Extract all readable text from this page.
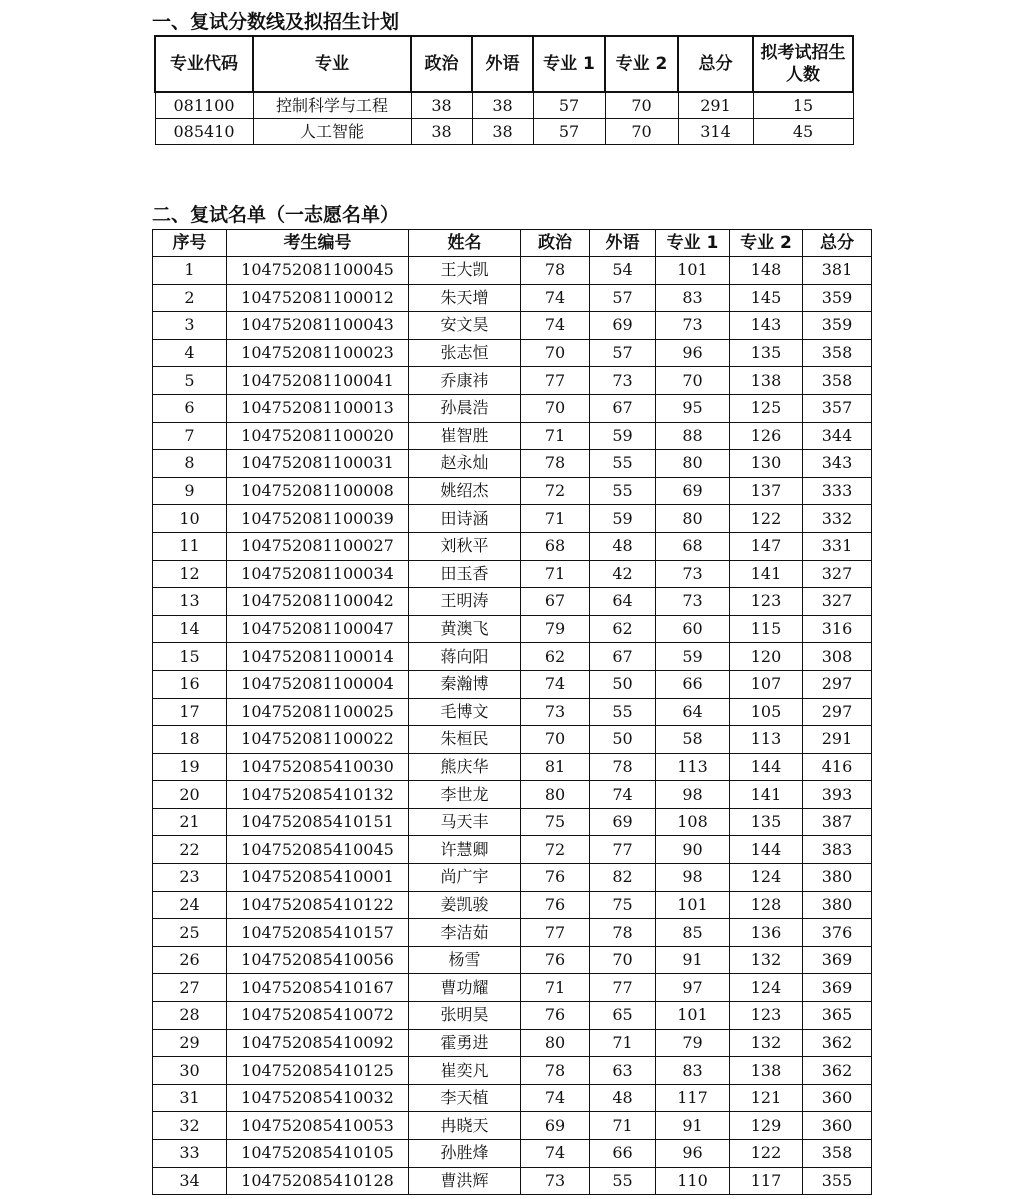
一、复试分数线及拟招生计划
专业代码	专业	政治	外语	专业 1	专业 2	总分	拟考试招生人数
081100	控制科学与工程	38	38	57	70	291	15
085410	人工智能	38	38	57	70	314	45
二、复试名单（一志愿名单）
序号	考生编号	姓名	政治	外语	专业 1	专业 2	总分
1	104752081100045	王大凯	78	54	101	148	381
2	104752081100012	朱天增	74	57	83	145	359
3	104752081100043	安文昊	74	69	73	143	359
4	104752081100023	张志恒	70	57	96	135	358
5	104752081100041	乔康祎	77	73	70	138	358
6	104752081100013	孙晨浩	70	67	95	125	357
7	104752081100020	崔智胜	71	59	88	126	344
8	104752081100031	赵永灿	78	55	80	130	343
9	104752081100008	姚绍杰	72	55	69	137	333
10	104752081100039	田诗涵	71	59	80	122	332
11	104752081100027	刘秋平	68	48	68	147	331
12	104752081100034	田玉香	71	42	73	141	327
13	104752081100042	王明涛	67	64	73	123	327
14	104752081100047	黄澳飞	79	62	60	115	316
15	104752081100014	蒋向阳	62	67	59	120	308
16	104752081100004	秦瀚博	74	50	66	107	297
17	104752081100025	毛博文	73	55	64	105	297
18	104752081100022	朱桓民	70	50	58	113	291
19	104752085410030	熊庆华	81	78	113	144	416
20	104752085410132	李世龙	80	74	98	141	393
21	104752085410151	马天丰	75	69	108	135	387
22	104752085410045	许慧卿	72	77	90	144	383
23	104752085410001	尚广宇	76	82	98	124	380
24	104752085410122	姜凯骏	76	75	101	128	380
25	104752085410157	李洁茹	77	78	85	136	376
26	104752085410056	杨雪	76	70	91	132	369
27	104752085410167	曹功耀	71	77	97	124	369
28	104752085410072	张明昊	76	65	101	123	365
29	104752085410092	霍勇进	80	71	79	132	362
30	104752085410125	崔奕凡	78	63	83	138	362
31	104752085410032	李天植	74	48	117	121	360
32	104752085410053	冉晓天	69	71	91	129	360
33	104752085410105	孙胜烽	74	66	96	122	358
34	104752085410128	曹洪辉	73	55	110	117	355
